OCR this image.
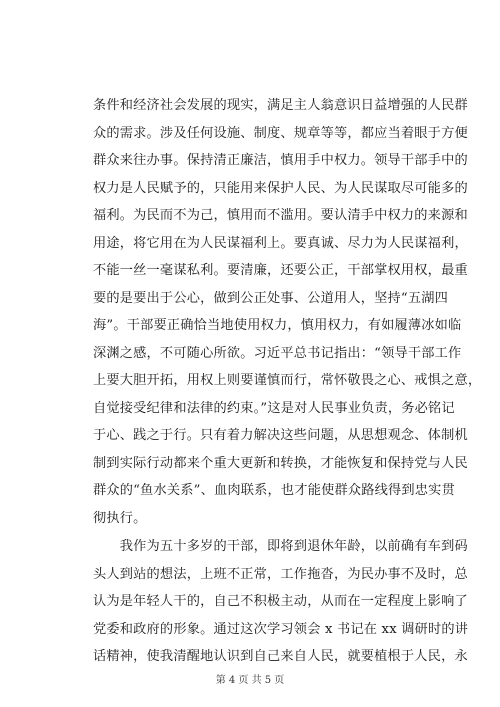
条件和经济社会发展的现实，满足主人翁意识日益增强的人民群
众的需求。涉及任何设施、制度、规章等等，都应当着眼于方便
群众来往办事。保持清正廉洁，慎用手中权力。领导干部手中的
权力是人民赋予的，只能用来保护人民、为人民谋取尽可能多的
福利。为民而不为己，慎用而不滥用。要认清手中权力的来源和
用途，将它用在为人民谋福利上。要真诚、尽力为人民谋福利，
不能一丝一毫谋私利。要清廉，还要公正，干部掌权用权，最重
要的是要出于公心，做到公正处事、公道用人，坚持“五湖四
海”。干部要正确恰当地使用权力，慎用权力，有如履薄冰如临
深渊之感，不可随心所欲。习近平总书记指出：“领导干部工作
上要大胆开拓，用权上则要谨慎而行，常怀敬畏之心、戒惧之意，
自觉接受纪律和法律的约束。”这是对人民事业负责，务必铭记
于心、践之于行。只有着力解决这些问题，从思想观念、体制机
制到实际行动都来个重大更新和转换，才能恢复和保持党与人民
群众的“鱼水关系”、血肉联系，也才能使群众路线得到忠实贯
彻执行。
　　我作为五十多岁的干部，即将到退休年龄，以前确有车到码
头人到站的想法，上班不正常，工作拖沓，为民办事不及时，总
认为是年轻人干的，自己不积极主动，从而在一定程度上影响了
党委和政府的形象。通过这次学习领会 x 书记在 xx 调研时的讲
话精神，使我清醒地认识到自己来自人民，就要植根于人民，永
第 4 页 共 5 页
